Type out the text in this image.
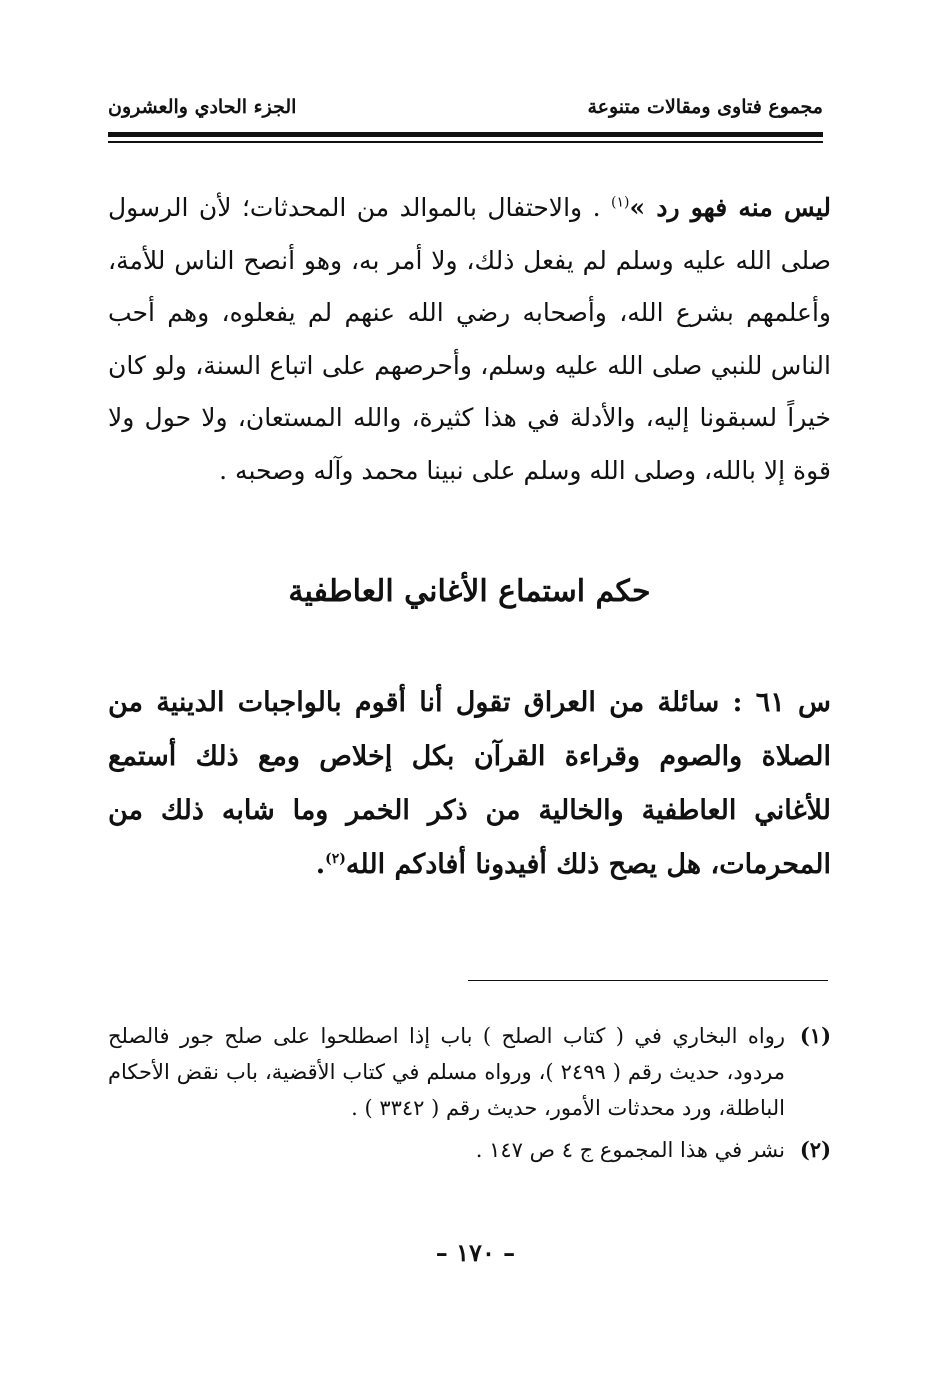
مجموع فتاوى ومقالات متنوعة
الجزء الحادي والعشرون

ليس منه فهو رد »$^{(١)}$ . والاحتفال بالموالد من المحدثات؛ لأن الرسول صلى الله عليه وسلم لم يفعل ذلك، ولا أمر به، وهو أنصح الناس للأمة، وأعلمهم بشرع الله، وأصحابه رضي الله عنهم لم يفعلوه، وهم أحب الناس للنبي صلى الله عليه وسلم، وأحرصهم على اتباع السنة، ولو كان خيراً لسبقونا إليه، والأدلة في هذا كثيرة، والله المستعان، ولا حول ولا قوة إلا بالله، وصلى الله وسلم على نبينا محمد وآله وصحبه .

حكم استماع الأغاني العاطفية

س ٦١ : سائلة من العراق تقول أنا أقوم بالواجبات الدينية من الصلاة والصوم وقراءة القرآن بكل إخلاص ومع ذلك أستمع للأغاني العاطفية والخالية من ذكر الخمر وما شابه ذلك من المحرمات، هل يصح ذلك أفيدونا أفادكم الله$^{(٢)}$.

(١)
رواه البخاري في ( كتاب الصلح ) باب إذا اصطلحوا على صلح جور فالصلح مردود، حديث رقم ( ٢٤٩٩ )، ورواه مسلم في كتاب الأقضية، باب نقض الأحكام الباطلة، ورد محدثات الأمور، حديث رقم ( ٣٣٤٢ ) .
(٢)
نشر في هذا المجموع ج ٤ ص ١٤٧ .
– ١٧٠ –
